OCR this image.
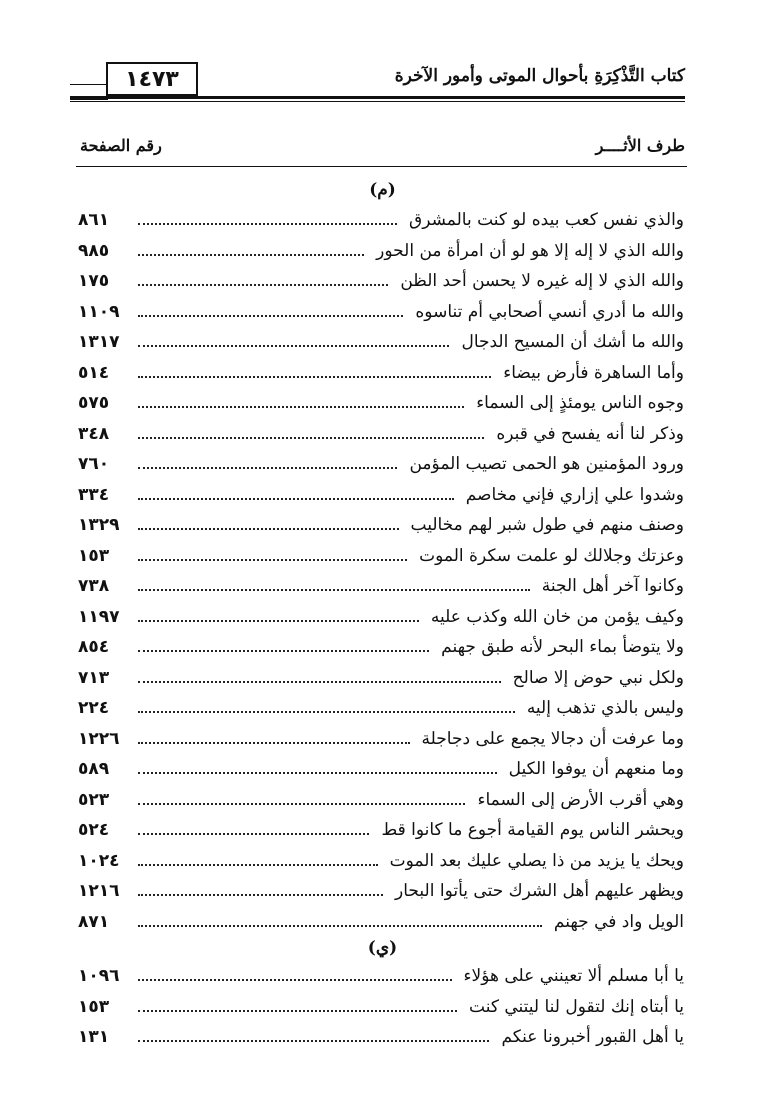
١٤٧٣	كتاب التَّذْكِرَةِ بأحوال الموتى وأمور الآخرة
طرف الأثــــر
رقم الصفحة
(م)
والذي نفس كعب بيده لو كنت بالمشرق
٨٦١
والله الذي لا إله إلا هو لو أن امرأة من الحور
٩٨٥
والله الذي لا إله غيره لا يحسن أحد الظن
١٧٥
والله ما أدري أنسي أصحابي أم تناسوه
١١٠٩
والله ما أشك أن المسيح الدجال
١٣١٧
وأما الساهرة فأرض بيضاء
٥١٤
وجوه الناس يومئذٍ إلى السماء
٥٧٥
وذكر لنا أنه يفسح في قبره
٣٤٨
ورود المؤمنين هو الحمى تصيب المؤمن
٧٦٠
وشدوا علي إزاري فإني مخاصم
٣٣٤
وصنف منهم في طول شبر لهم مخاليب
١٣٢٩
وعزتك وجلالك لو علمت سكرة الموت
١٥٣
وكانوا آخر أهل الجنة
٧٣٨
وكيف يؤمن من خان الله وكذب عليه
١١٩٧
ولا يتوضأ بماء البحر لأنه طبق جهنم
٨٥٤
ولكل نبي حوض إلا صالح
٧١٣
وليس بالذي تذهب إليه
٢٢٤
وما عرفت أن دجالا يجمع على دجاجلة
١٢٢٦
وما منعهم أن يوفوا الكيل
٥٨٩
وهي أقرب الأرض إلى السماء
٥٢٣
ويحشر الناس يوم القيامة أجوع ما كانوا قط
٥٢٤
ويحك يا يزيد من ذا يصلي عليك بعد الموت
١٠٢٤
ويظهر عليهم أهل الشرك حتى يأتوا البحار
١٢١٦
الويل واد في جهنم
٨٧١
(ي)
يا أبا مسلم ألا تعينني على هؤلاء
١٠٩٦
يا أبتاه إنك لتقول لنا ليتني كنت
١٥٣
يا أهل القبور أخبرونا عنكم
١٣١
